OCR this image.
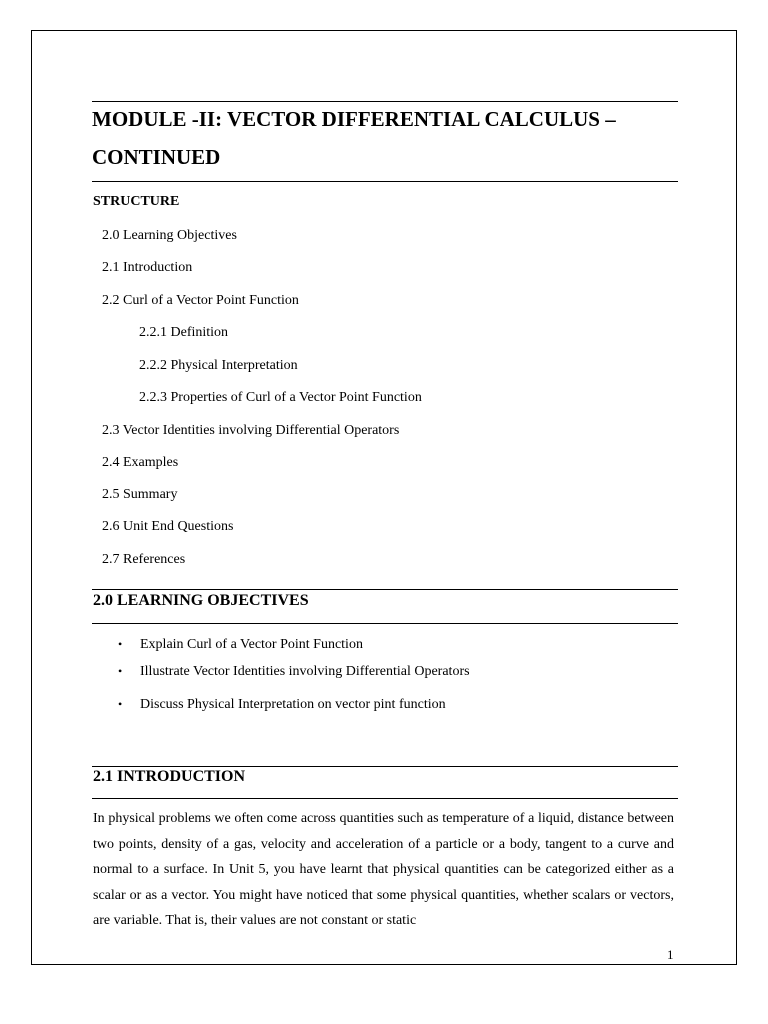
MODULE -II: VECTOR DIFFERENTIAL CALCULUS – CONTINUED
STRUCTURE
2.0 Learning Objectives
2.1 Introduction
2.2 Curl of a Vector Point Function
2.2.1 Definition
2.2.2 Physical Interpretation
2.2.3 Properties of Curl of a Vector Point Function
2.3 Vector Identities involving Differential Operators
2.4 Examples
2.5 Summary
2.6 Unit End Questions
2.7 References
2.0 LEARNING OBJECTIVES
• Explain Curl of a Vector Point Function
• Illustrate Vector Identities involving Differential Operators
• Discuss Physical Interpretation on vector pint function
2.1 INTRODUCTION

In physical problems we often come across quantities such as temperature of a liquid, distance between two points, density of a gas, velocity and acceleration of a particle or a body, tangent to a curve and normal to a surface. In Unit 5, you have learnt that physical quantities can be categorized either as a scalar or as a vector. You might have noticed that some physical quantities, whether scalars or vectors, are variable. That is, their values are not constant or static

1
